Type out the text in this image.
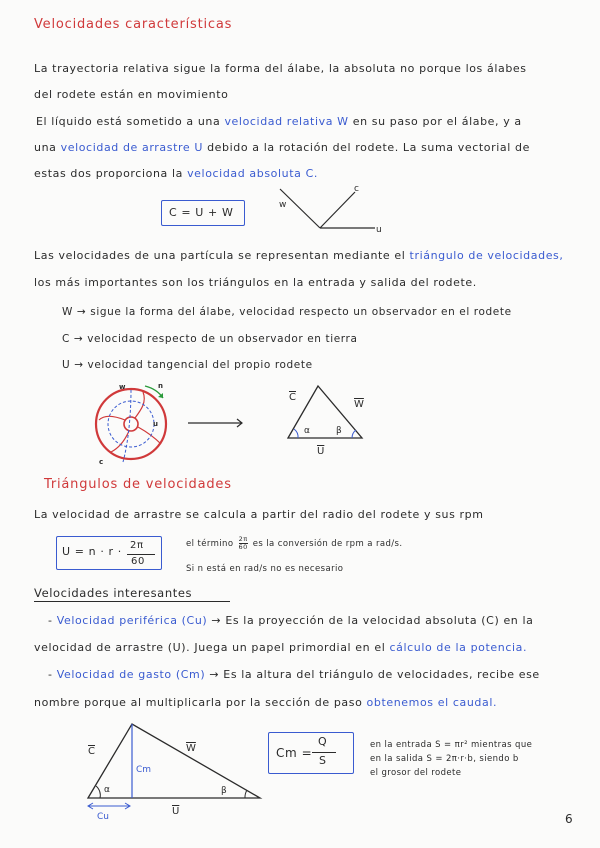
Velocidades características
La trayectoria relativa sigue la forma del álabe, la absoluta no porque los álabes
del rodete están en movimiento
El líquido está sometido a una velocidad relativa W en su paso por el álabe, y a
una velocidad de arrastre U debido a la rotación del rodete. La suma vectorial de
estas dos proporciona la velocidad absoluta C.
C = U + W
w
c
u
Las velocidades de una partícula se representan mediante el triángulo de velocidades,
los más importantes son los triángulos en la entrada y salida del rodete.
W → sigue la forma del álabe, velocidad respecto un observador en el rodete
C → velocidad respecto de un observador en tierra
U → velocidad tangencial del propio rodete
w	n
u
c
C
W
U
α	β
Triángulos de velocidades
La velocidad de arrastre se calcula a partir del radio del rodete y sus rpm
U = n · r · 2π
60
el término $\frac{2\pi}{60}$ es la conversión de rpm a rad/s.
Si n está en rad/s no es necesario
Velocidades interesantes
- Velocidad periférica (Cu) → Es la proyección de la velocidad absoluta (C) en la
velocidad de arrastre (U). Juega un papel primordial en el cálculo de la potencia.
- Velocidad de gasto (Cm) → Es la altura del triángulo de velocidades, recibe ese
nombre porque al multiplicarla por la sección de paso obtenemos el caudal.
C	W
U
Cm
Cu
α	β
Cm =
Q
S
en la entrada S = πr² mientras que
en la salida S = 2π·r·b, siendo b
el grosor del rodete
6
